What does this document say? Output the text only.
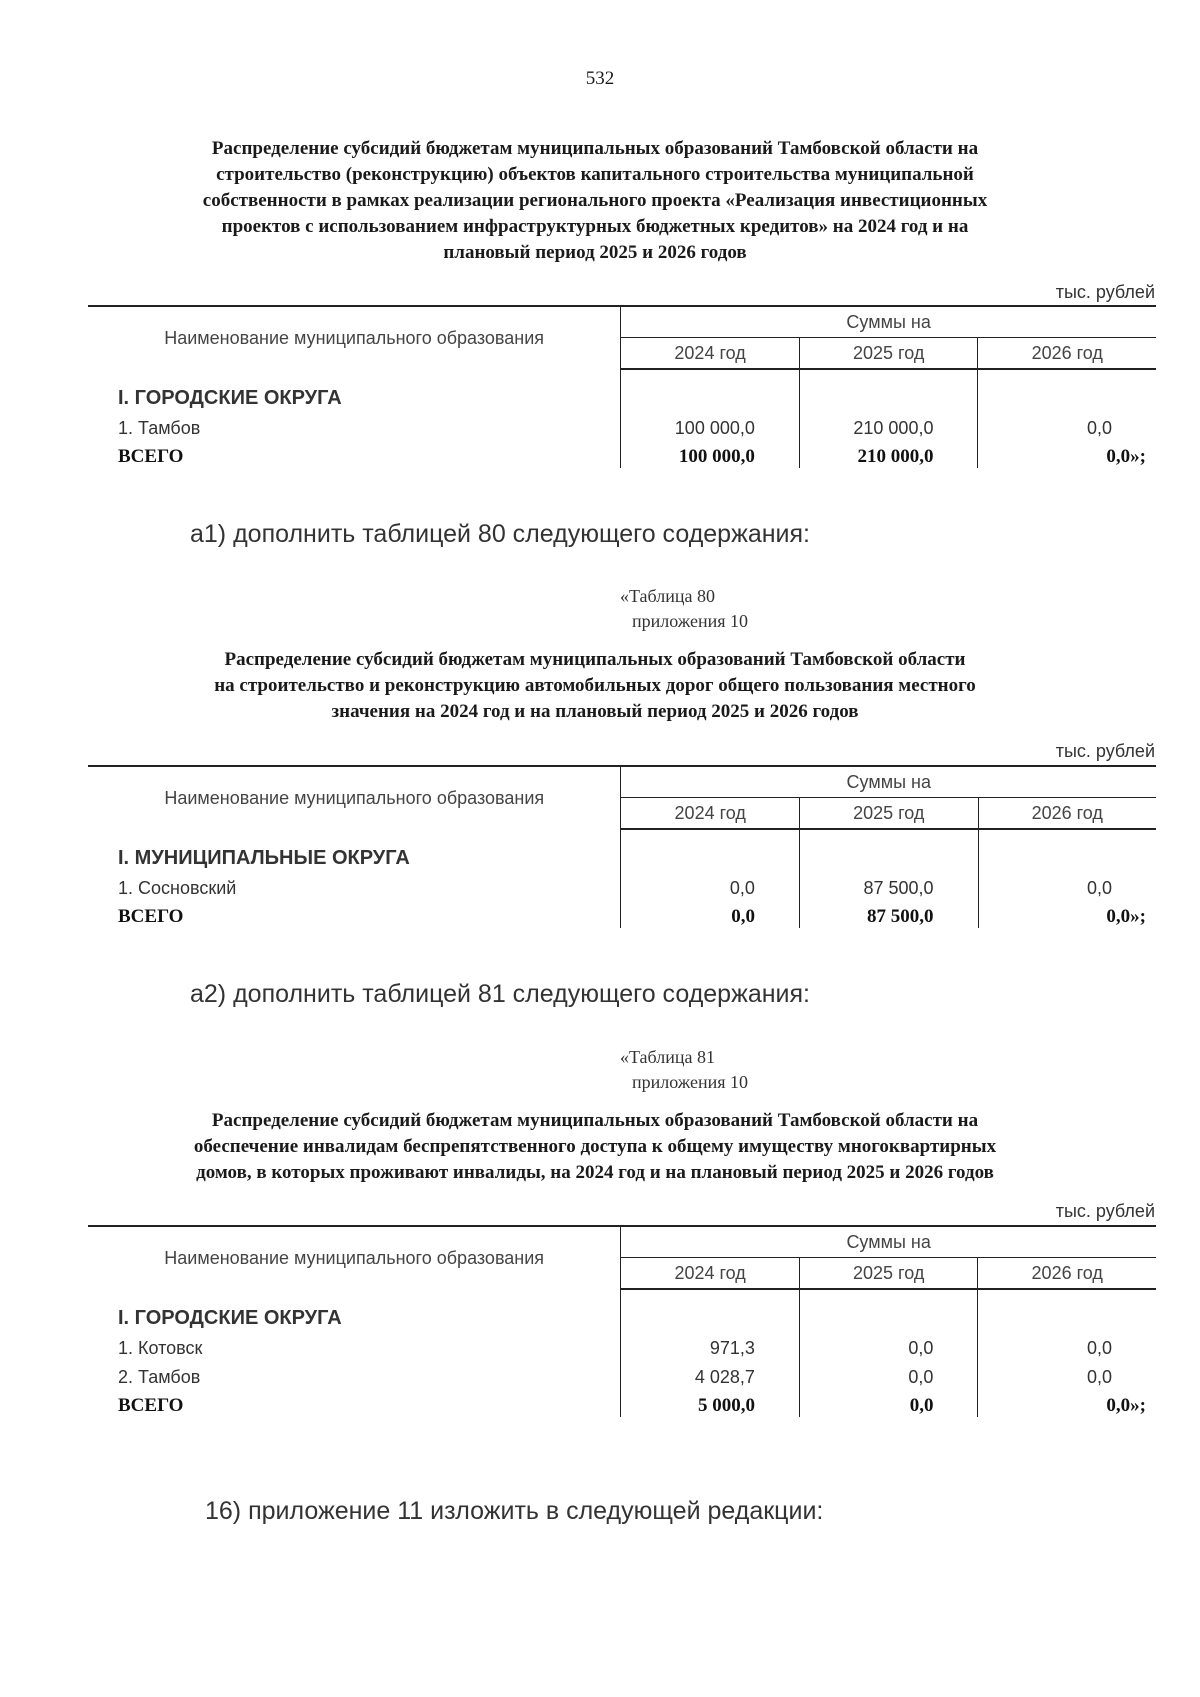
532
Распределение субсидий бюджетам муниципальных образований Тамбовской области на
строительство (реконструкцию) объектов капитального строительства муниципальной
собственности в рамках реализации регионального проекта «Реализация инвестиционных
проектов с использованием инфраструктурных бюджетных кредитов» на 2024 год и на
плановый период 2025 и 2026 годов
тыс. рублей
Наименование муниципального образования	Суммы на		
	2024 год	2025 год	2026 год
I. ГОРОДСКИЕ ОКРУГА			
1. Тамбов	100 000,0	210 000,0	0,0
ВСЕГО	100 000,0	210 000,0	0,0»;
а1) дополнить таблицей 80 следующего содержания:
«Таблица 80
приложения 10
Распределение субсидий бюджетам муниципальных образований Тамбовской области
на строительство и реконструкцию автомобильных дорог общего пользования местного
значения на 2024 год и на плановый период 2025 и 2026 годов
тыс. рублей
Наименование муниципального образования	Суммы на		
	2024 год	2025 год	2026 год
I. МУНИЦИПАЛЬНЫЕ ОКРУГА			
1. Сосновский	0,0	87 500,0	0,0
ВСЕГО	0,0	87 500,0	0,0»;
а2) дополнить таблицей 81 следующего содержания:
«Таблица 81
приложения 10
Распределение субсидий бюджетам муниципальных образований Тамбовской области на
обеспечение инвалидам беспрепятственного доступа к общему имуществу многоквартирных
домов, в которых проживают инвалиды, на 2024 год и на плановый период 2025 и 2026 годов
тыс. рублей
Наименование муниципального образования	Суммы на		
	2024 год	2025 год	2026 год
I. ГОРОДСКИЕ ОКРУГА			
1. Котовск	971,3	0,0	0,0
2. Тамбов	4 028,7	0,0	0,0
ВСЕГО	5 000,0	0,0	0,0»;
16) приложение 11 изложить в следующей редакции:
